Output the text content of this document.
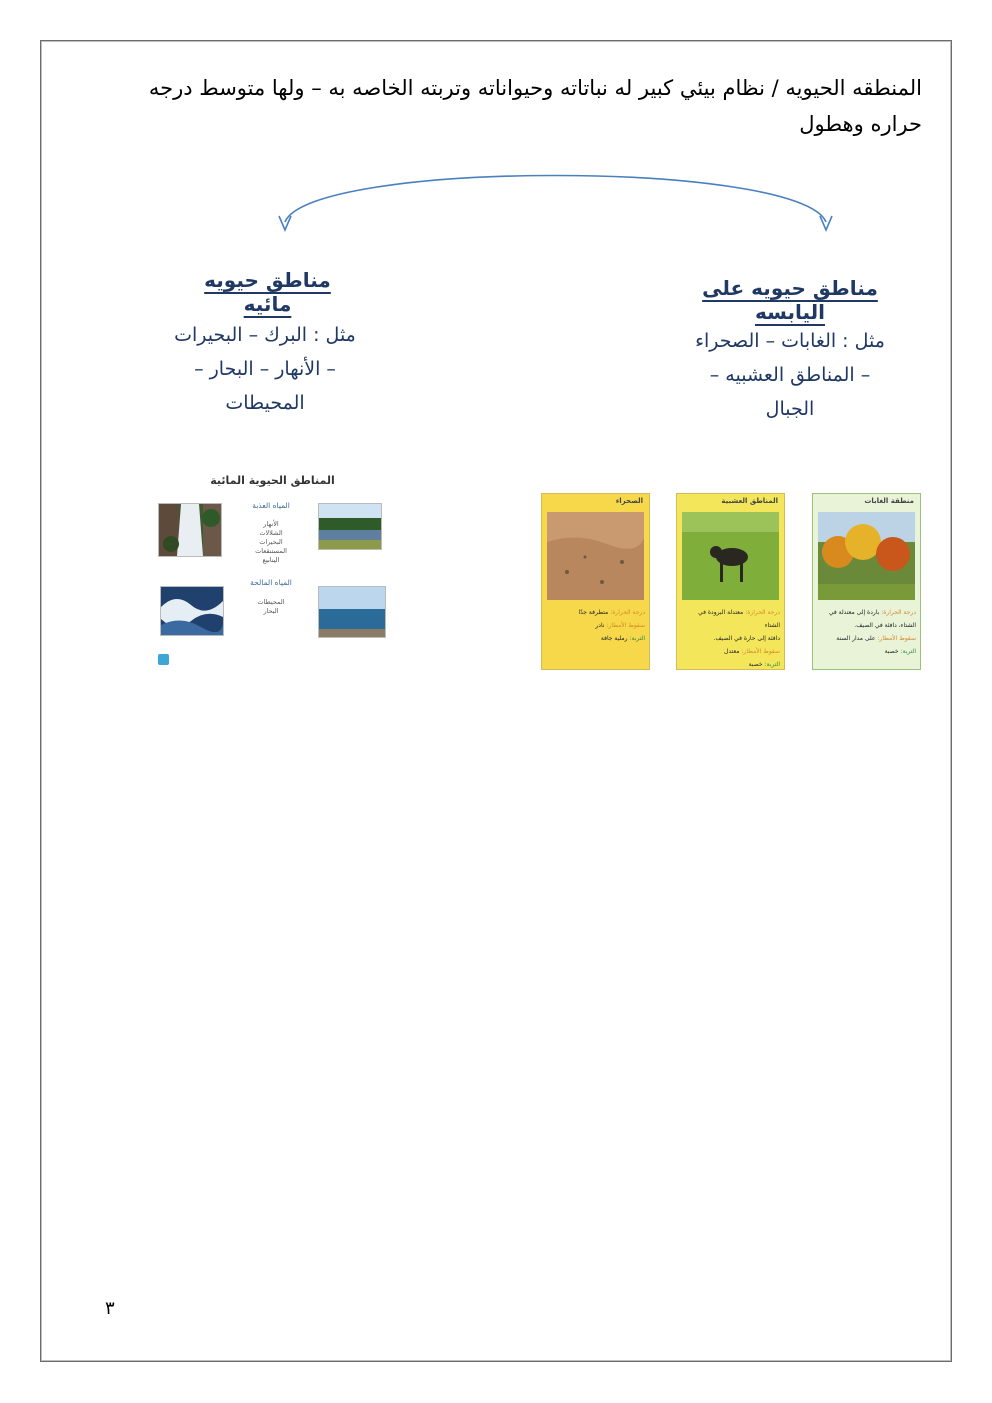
المنطقه الحيويه / نظام بيئي كبير له نباتاته وحيواناته وتربته الخاصه به – ولها متوسط درجه حراره وهطول
مناطق حيويه مائيه
مثل : البرك – البحيرات
– الأنهار – البحار –
المحيطات
مناطق حيويه على اليابسه
مثل : الغابات – الصحراء
– المناطق العشبيه –
الجبال
المناطق الحيوية المائية
المياه العذبة
الأنهار
الشلالات
البحيرات
المستنقعات
الينابيع
المياه المالحة
المحيطات
البحار
الصحراء
درجة الحرارة: متطرفة جدًا
سقوط الأمطار: نادر
التربة: رملية جافة
المناطق العشبية
درجة الحرارة: معتدلة البرودة في الشتاء
دافئة إلى حارة في الصيف.
سقوط الأمطار: معتدل
التربة: خصبة
منطقة الغابات
درجة الحرارة: باردة إلى معتدلة في
الشتاء، دافئة في الصيف.
سقوط الأمطار: على مدار السنة
التربة: خصبة
٣
